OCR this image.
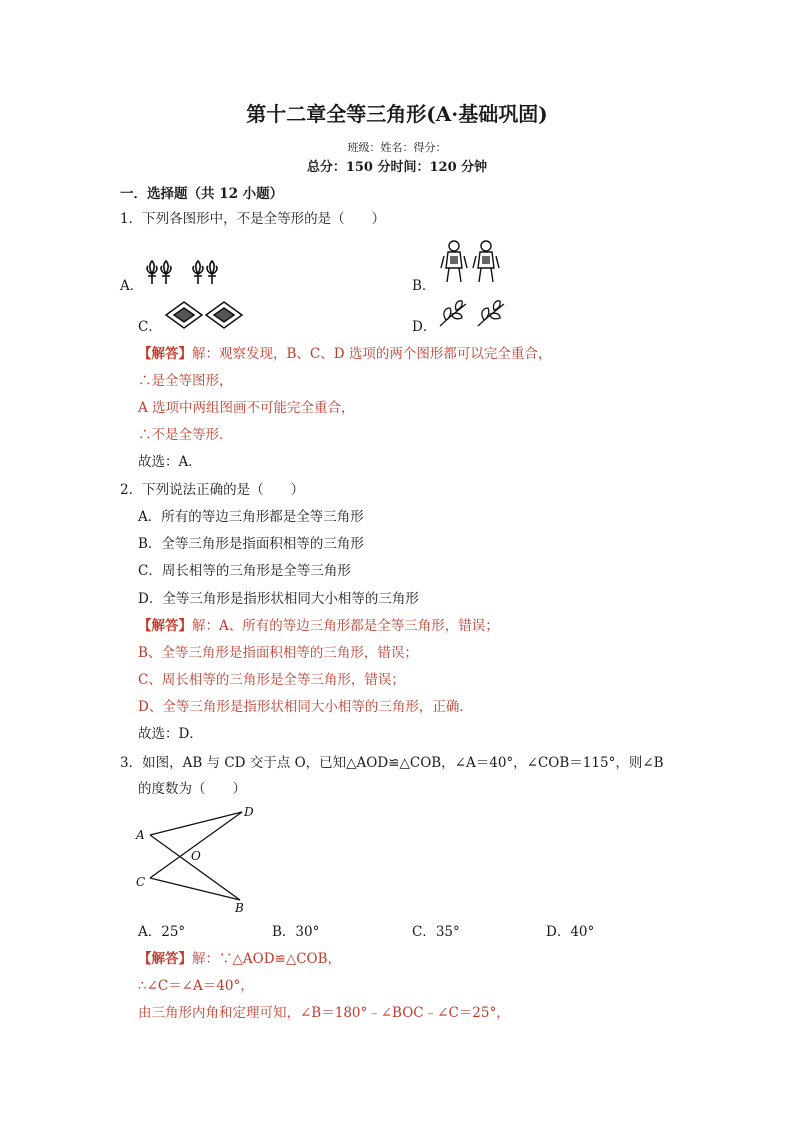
第十二章全等三角形(A·基础巩固)
班级：姓名：得分：
总分：150 分时间：120 分钟
一．选择题（共 12 小题）
1．下列各图形中，不是全等形的是（　　）
A．	B．
C．	D．
【解答】解：观察发现，B、C、D 选项的两个图形都可以完全重合，
∴是全等图形，
A 选项中两组图画不可能完全重合，
∴不是全等形．
故选：A．
2．下列说法正确的是（　　）
A．所有的等边三角形都是全等三角形
B．全等三角形是指面积相等的三角形
C．周长相等的三角形是全等三角形
D．全等三角形是指形状相同大小相等的三角形
【解答】解：A、所有的等边三角形都是全等三角形，错误；
B、全等三角形是指面积相等的三角形，错误；
C、周长相等的三角形是全等三角形，错误；
D、全等三角形是指形状相同大小相等的三角形，正确．
故选：D．
3．如图，AB 与 CD 交于点 O，已知△AOD≌△COB，∠A＝40°，∠COB＝115°，则∠B
的度数为（　　）
A
D
O
C
B
A．25°	B．30°	C．35°	D．40°
【解答】解：∵△AOD≌△COB，
∴∠C＝∠A＝40°，
由三角形内角和定理可知，∠B＝180°﹣∠BOC﹣∠C＝25°，
